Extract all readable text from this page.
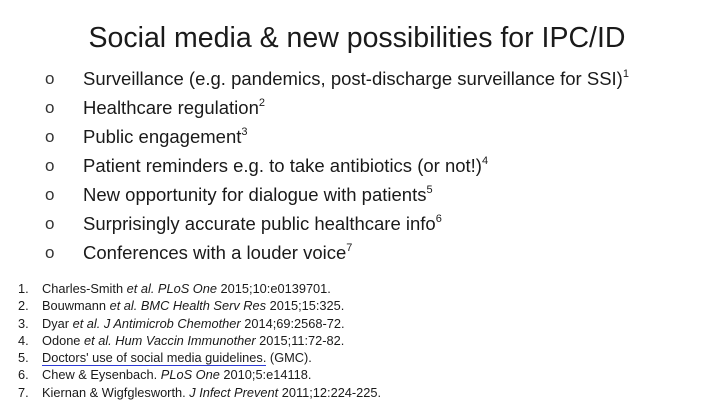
Social media & new possibilities for IPC/ID
o Surveillance (e.g. pandemics, post-discharge surveillance for SSI)$^1$
o Healthcare regulation$^2$
o Public engagement$^3$
o Patient reminders e.g. to take antibiotics (or not!)$^4$
o New opportunity for dialogue with patients$^5$
o Surprisingly accurate public healthcare info$^6$
o Conferences with a louder voice$^7$
1. Charles-Smith et al. PLoS One 2015;10:e0139701.
2. Bouwmann et al. BMC Health Serv Res 2015;15:325.
3. Dyar et al. J Antimicrob Chemother 2014;69:2568-72.
4. Odone et al. Hum Vaccin Immunother 2015;11:72-82.
5. Doctors' use of social media guidelines. (GMC).
6. Chew & Eysenbach. PLoS One 2010;5:e14118.
7. Kiernan & Wigfglesworth. J Infect Prevent 2011;12:224-225.
